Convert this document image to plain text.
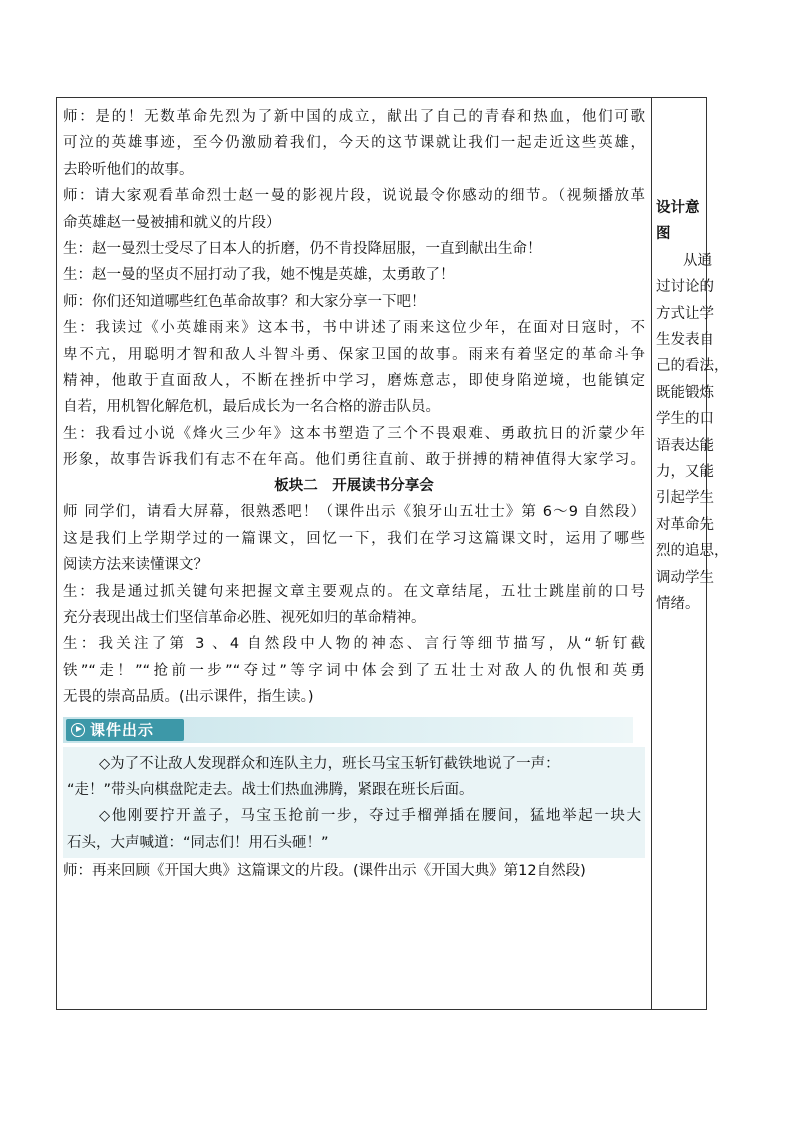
师：是的！无数革命先烈为了新中国的成立，献出了自己的青春和热血，他们可歌
可泣的英雄事迹，至今仍激励着我们，今天的这节课就让我们一起走近这些英雄，
去聆听他们的故事。
师：请大家观看革命烈士赵一曼的影视片段，说说最令你感动的细节。（视频播放革
命英雄赵一曼被捕和就义的片段）
生：赵一曼烈士受尽了日本人的折磨，仍不肯投降屈服，一直到献出生命！
生：赵一曼的坚贞不屈打动了我，她不愧是英雄，太勇敢了！
师：你们还知道哪些红色革命故事？和大家分享一下吧！
生：我读过《小英雄雨来》这本书，书中讲述了雨来这位少年，在面对日寇时，不
卑不亢，用聪明才智和敌人斗智斗勇、保家卫国的故事。雨来有着坚定的革命斗争
精神，他敢于直面敌人，不断在挫折中学习，磨炼意志，即使身陷逆境，也能镇定
自若，用机智化解危机，最后成长为一名合格的游击队员。
生：我看过小说《烽火三少年》这本书塑造了三个不畏艰难、勇敢抗日的沂蒙少年
形象，故事告诉我们有志不在年高。他们勇往直前、敢于拼搏的精神值得大家学习。
板块二　开展读书分享会
师 同学们，请看大屏幕，很熟悉吧！（课件出示《狼牙山五壮士》第 6～9 自然段）
这是我们上学期学过的一篇课文，回忆一下，我们在学习这篇课文时，运用了哪些
阅读方法来读懂课文？
生：我是通过抓关键句来把握文章主要观点的。在文章结尾，五壮士跳崖前的口号
充分表现出战士们坚信革命必胜、视死如归的革命精神。
生：我关注了第 3 、4 自然段中人物的神态、言行等细节描写，从“斩钉截
铁”“走！”“抢前一步”“夺过”等字词中体会到了五壮士对敌人的仇恨和英勇
无畏的崇高品质。(出示课件，指生读。)
课件出示
◇为了不让敌人发现群众和连队主力，班长马宝玉斩钉截铁地说了一声：
“走！”带头向棋盘陀走去。战士们热血沸腾，紧跟在班长后面。
◇他刚要拧开盖子，马宝玉抢前一步，夺过手榴弹插在腰间，猛地举起一块大
石头，大声喊道：“同志们！用石头砸！”
师：再来回顾《开国大典》这篇课文的片段。(课件出示《开国大典》第12自然段)
设计意图
从通
过讨论的
方式让学
生发表自
己的看法，
既能锻炼
学生的口
语表达能
力，又能
引起学生
对革命先
烈的追思，
调动学生
情绪。
